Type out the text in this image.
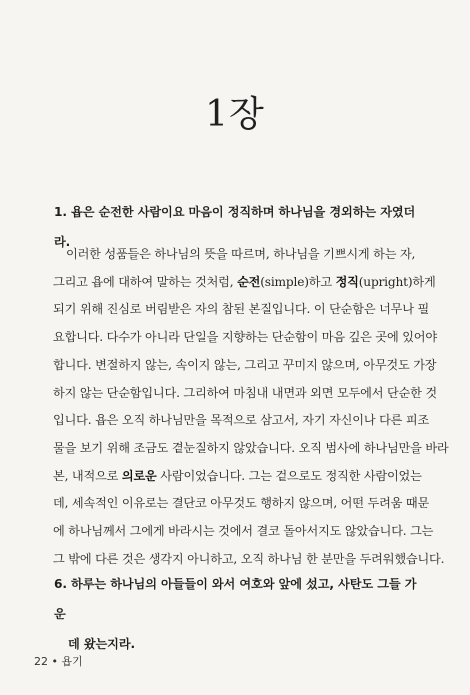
1장
1. 욥은 순전한 사람이요 마음이 정직하며 하나님을 경외하는 자였더라.
이러한 성품들은 하나님의 뜻을 따르며, 하나님을 기쁘시게 하는 자,
그리고 욥에 대하여 말하는 것처럼, 순전(simple)하고 정직(upright)하게
되기 위해 진심로 버림받은 자의 참된 본질입니다. 이 단순함은 너무나 필
요합니다. 다수가 아니라 단일을 지향하는 단순함이 마음 깊은 곳에 있어야
합니다. 변절하지 않는, 속이지 않는, 그리고 꾸미지 않으며, 아무것도 가장
하지 않는 단순함입니다. 그리하여 마침내 내면과 외면 모두에서 단순한 것
입니다. 욥은 오직 하나님만을 목적으로 삼고서, 자기 자신이나 다른 피조
물을 보기 위해 조금도 곁눈질하지 않았습니다. 오직 범사에 하나님만을 바라
본, 내적으로 의로운 사람이었습니다. 그는 겉으로도 정직한 사람이었는
데, 세속적인 이유로는 결단코 아무것도 행하지 않으며, 어떤 두려움 때문
에 하나님께서 그에게 바라시는 것에서 결코 돌아서지도 않았습니다. 그는
그 밖에 다른 것은 생각지 아니하고, 오직 하나님 한 분만을 두려워했습니다.
6. 하루는 하나님의 아들들이 와서 여호와 앞에 섰고, 사탄도 그들 가운
데 왔는지라.
22 • 욥기
